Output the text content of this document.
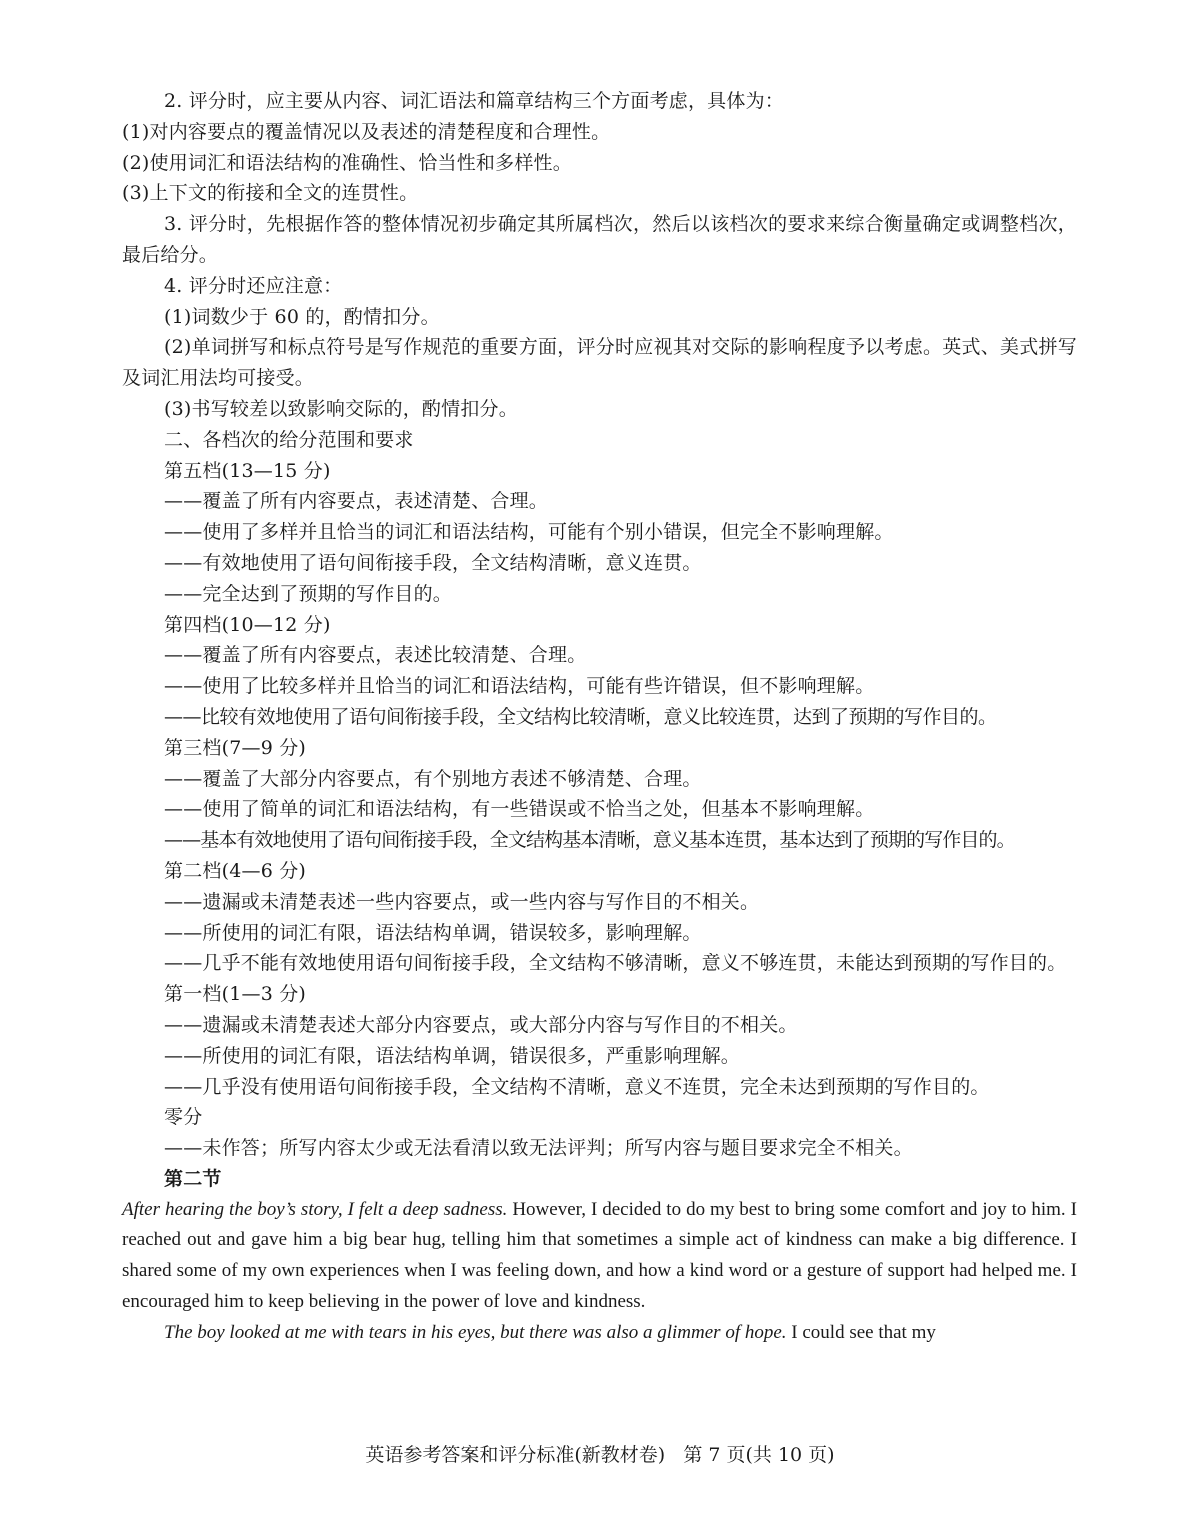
2. 评分时，应主要从内容、词汇语法和篇章结构三个方面考虑，具体为：
(1)对内容要点的覆盖情况以及表述的清楚程度和合理性。
(2)使用词汇和语法结构的准确性、恰当性和多样性。
(3)上下文的衔接和全文的连贯性。
3. 评分时，先根据作答的整体情况初步确定其所属档次，然后以该档次的要求来综合衡量确定或调整档次，最后给分。
4. 评分时还应注意：
(1)词数少于 60 的，酌情扣分。
(2)单词拼写和标点符号是写作规范的重要方面，评分时应视其对交际的影响程度予以考虑。英式、美式拼写及词汇用法均可接受。
(3)书写较差以致影响交际的，酌情扣分。
二、各档次的给分范围和要求
第五档(13—15 分)
——覆盖了所有内容要点，表述清楚、合理。
——使用了多样并且恰当的词汇和语法结构，可能有个别小错误，但完全不影响理解。
——有效地使用了语句间衔接手段，全文结构清晰，意义连贯。
——完全达到了预期的写作目的。
第四档(10—12 分)
——覆盖了所有内容要点，表述比较清楚、合理。
——使用了比较多样并且恰当的词汇和语法结构，可能有些许错误，但不影响理解。
——比较有效地使用了语句间衔接手段，全文结构比较清晰，意义比较连贯，达到了预期的写作目的。
第三档(7—9 分)
——覆盖了大部分内容要点，有个别地方表述不够清楚、合理。
——使用了简单的词汇和语法结构，有一些错误或不恰当之处，但基本不影响理解。
——基本有效地使用了语句间衔接手段，全文结构基本清晰，意义基本连贯，基本达到了预期的写作目的。
第二档(4—6 分)
——遗漏或未清楚表述一些内容要点，或一些内容与写作目的不相关。
——所使用的词汇有限，语法结构单调，错误较多，影响理解。
——几乎不能有效地使用语句间衔接手段，全文结构不够清晰，意义不够连贯，未能达到预期的写作目的。
第一档(1—3 分)
——遗漏或未清楚表述大部分内容要点，或大部分内容与写作目的不相关。
——所使用的词汇有限，语法结构单调，错误很多，严重影响理解。
——几乎没有使用语句间衔接手段，全文结构不清晰，意义不连贯，完全未达到预期的写作目的。
零分
——未作答；所写内容太少或无法看清以致无法评判；所写内容与题目要求完全不相关。
第二节
After hearing the boy’s story, I felt a deep sadness. However, I decided to do my best to bring some comfort and joy to him. I reached out and gave him a big bear hug, telling him that sometimes a simple act of kindness can make a big difference. I shared some of my own experiences when I was feeling down, and how a kind word or a gesture of support had helped me. I encouraged him to keep believing in the power of love and kindness.
The boy looked at me with tears in his eyes, but there was also a glimmer of hope. I could see that my
英语参考答案和评分标准(新教材卷)   第 7 页(共 10 页)
